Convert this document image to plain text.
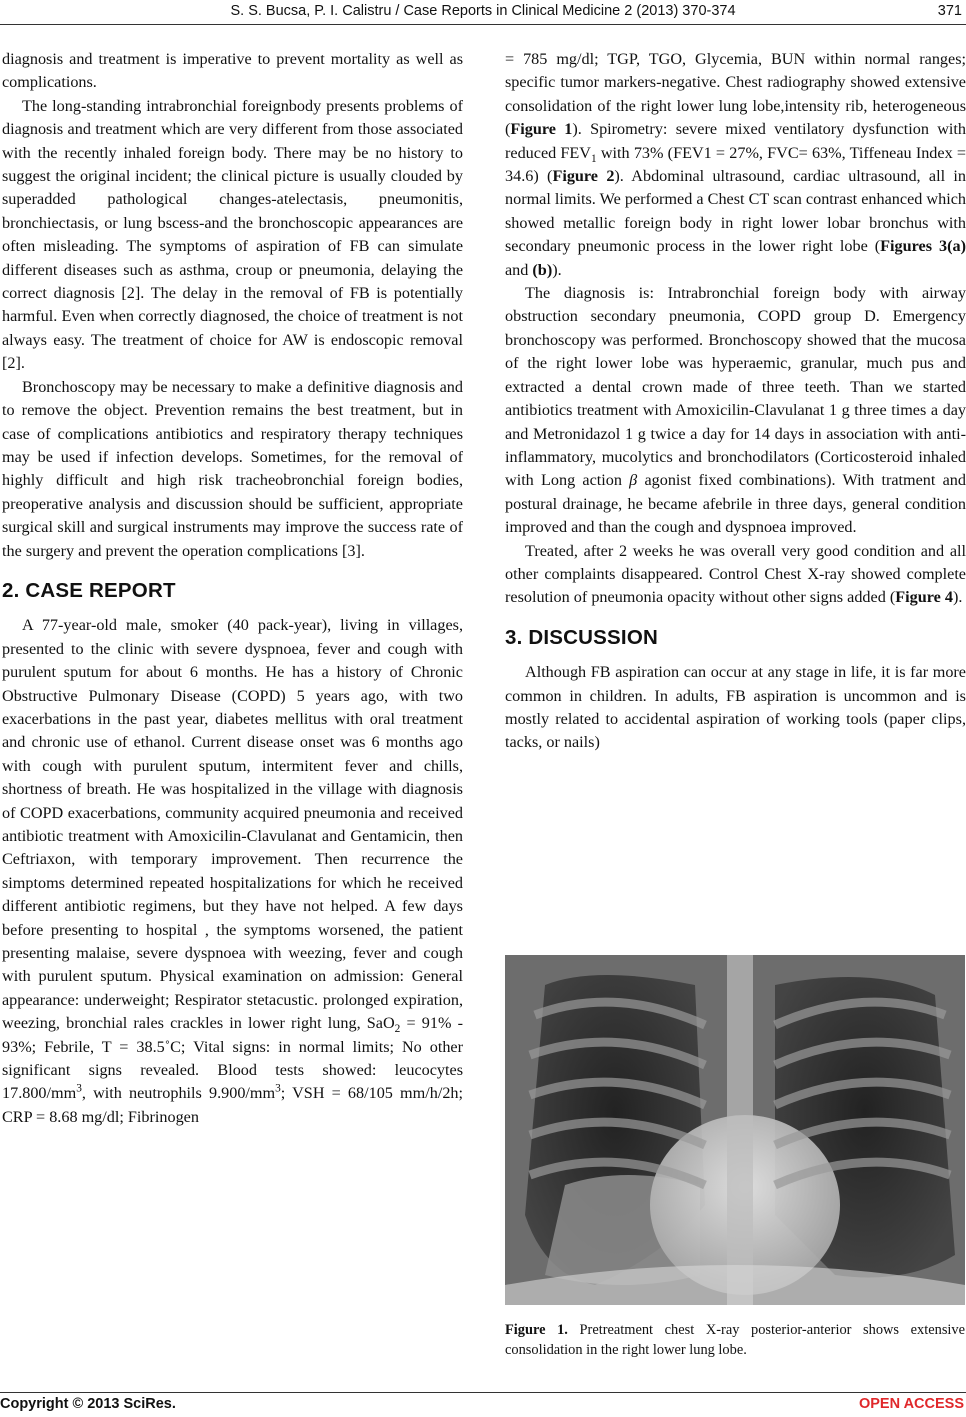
S. S. Bucsa, P. I. Calistru / Case Reports in Clinical Medicine 2 (2013) 370-374	371

diagnosis and treatment is imperative to prevent mortality as well as complications.

The long-standing intrabronchial foreignbody presents problems of diagnosis and treatment which are very different from those associated with the recently inhaled foreign body. There may be no history to suggest the original incident; the clinical picture is usually clouded by superadded pathological changes-atelectasis, pneumonitis, bronchiectasis, or lung bscess-and the bronchoscopic appearances are often misleading. The symptoms of aspiration of FB can simulate different diseases such as asthma, croup or pneumonia, delaying the correct diagnosis [2]. The delay in the removal of FB is potentially harmful. Even when correctly diagnosed, the choice of treatment is not always easy. The treatment of choice for AW is endoscopic removal [2].

Bronchoscopy may be necessary to make a definitive diagnosis and to remove the object. Prevention remains the best treatment, but in case of complications antibiotics and respiratory therapy techniques may be used if infection develops. Sometimes, for the removal of highly difficult and high risk tracheobronchial foreign bodies, preoperative analysis and discussion should be sufficient, appropriate surgical skill and surgical instruments may improve the success rate of the surgery and prevent the operation complications [3].

2. CASE REPORT

A 77-year-old male, smoker (40 pack-year), living in villages, presented to the clinic with severe dyspnoea, fever and cough with purulent sputum for about 6 months. He has a history of Chronic Obstructive Pulmonary Disease (COPD) 5 years ago, with two exacerbations in the past year, diabetes mellitus with oral treatment and chronic use of ethanol. Current disease onset was 6 months ago with cough with purulent sputum, intermitent fever and chills, shortness of breath. He was hospitalized in the village with diagnosis of COPD exacerbations, community acquired pneumonia and received antibiotic treatment with Amoxicilin-Clavulanat and Gentamicin, then Ceftriaxon, with temporary improvement. Then recurrence the simptoms determined repeated hospitalizations for which he received different antibiotic regimens, but they have not helped. A few days before presenting to hospital , the symptoms worsened, the patient presenting malaise, severe dyspnoea with weezing, fever and cough with purulent sputum. Physical examination on admission: General appearance: underweight; Respirator stetacustic. prolonged expiration, weezing, bronchial rales crackles in lower right lung, SaO$_2$ = 91% - 93%; Febrile, T = 38.5˚C; Vital signs: in normal limits; No other significant signs revealed. Blood tests showed: leucocytes $17.800/mm^3$, with neutrophils $9.900/mm^3$; VSH = 68/105 mm/h/2h; CRP = 8.68 mg/dl; Fibrinogen

= 785 mg/dl; TGP, TGO, Glycemia, BUN within normal ranges; specific tumor markers-negative. Chest radiography showed extensive consolidation of the right lower lung lobe,intensity rib, heterogeneous (Figure 1). Spirometry: severe mixed ventilatory dysfunction with reduced $FEV_1$ with 73% (FEV1 = 27%, FVC= 63%, Tiffeneau Index = 34.6) (Figure 2). Abdominal ultrasound, cardiac ultrasound, all in normal limits. We performed a Chest CT scan contrast enhanced which showed metallic foreign body in right lower lobar bronchus with secondary pneumonic process in the lower right lobe (Figures 3(a) and (b)).

The diagnosis is: Intrabronchial foreign body with airway obstruction secondary pneumonia, COPD group D. Emergency bronchoscopy was performed. Bronchoscopy showed that the mucosa of the right lower lobe was hyperaemic, granular, much pus and extracted a dental crown made of three teeth. Than we started antibiotics treatment with Amoxicilin-Clavulanat 1 g three times a day and Metronidazol 1 g twice a day for 14 days in association with anti-inflammatory, mucolytics and bronchodilators (Corticosteroid inhaled with Long action β agonist fixed combinations). With tratment and postural drainage, he became afebrile in three days, general condition improved and than the cough and dyspnoea improved.

Treated, after 2 weeks he was overall very good condition and all other complaints disappeared. Control Chest X-ray showed complete resolution of pneumonia opacity without other signs added (Figure 4).

3. DISCUSSION

Although FB aspiration can occur at any stage in life, it is far more common in children. In adults, FB aspiration is uncommon and is mostly related to accidental aspiration of working tools (paper clips, tacks, or nails)

Figure 1. Pretreatment chest X-ray posterior-anterior shows extensive consolidation in the right lower lung lobe.
Copyright © 2013 SciRes.	OPEN ACCESS
